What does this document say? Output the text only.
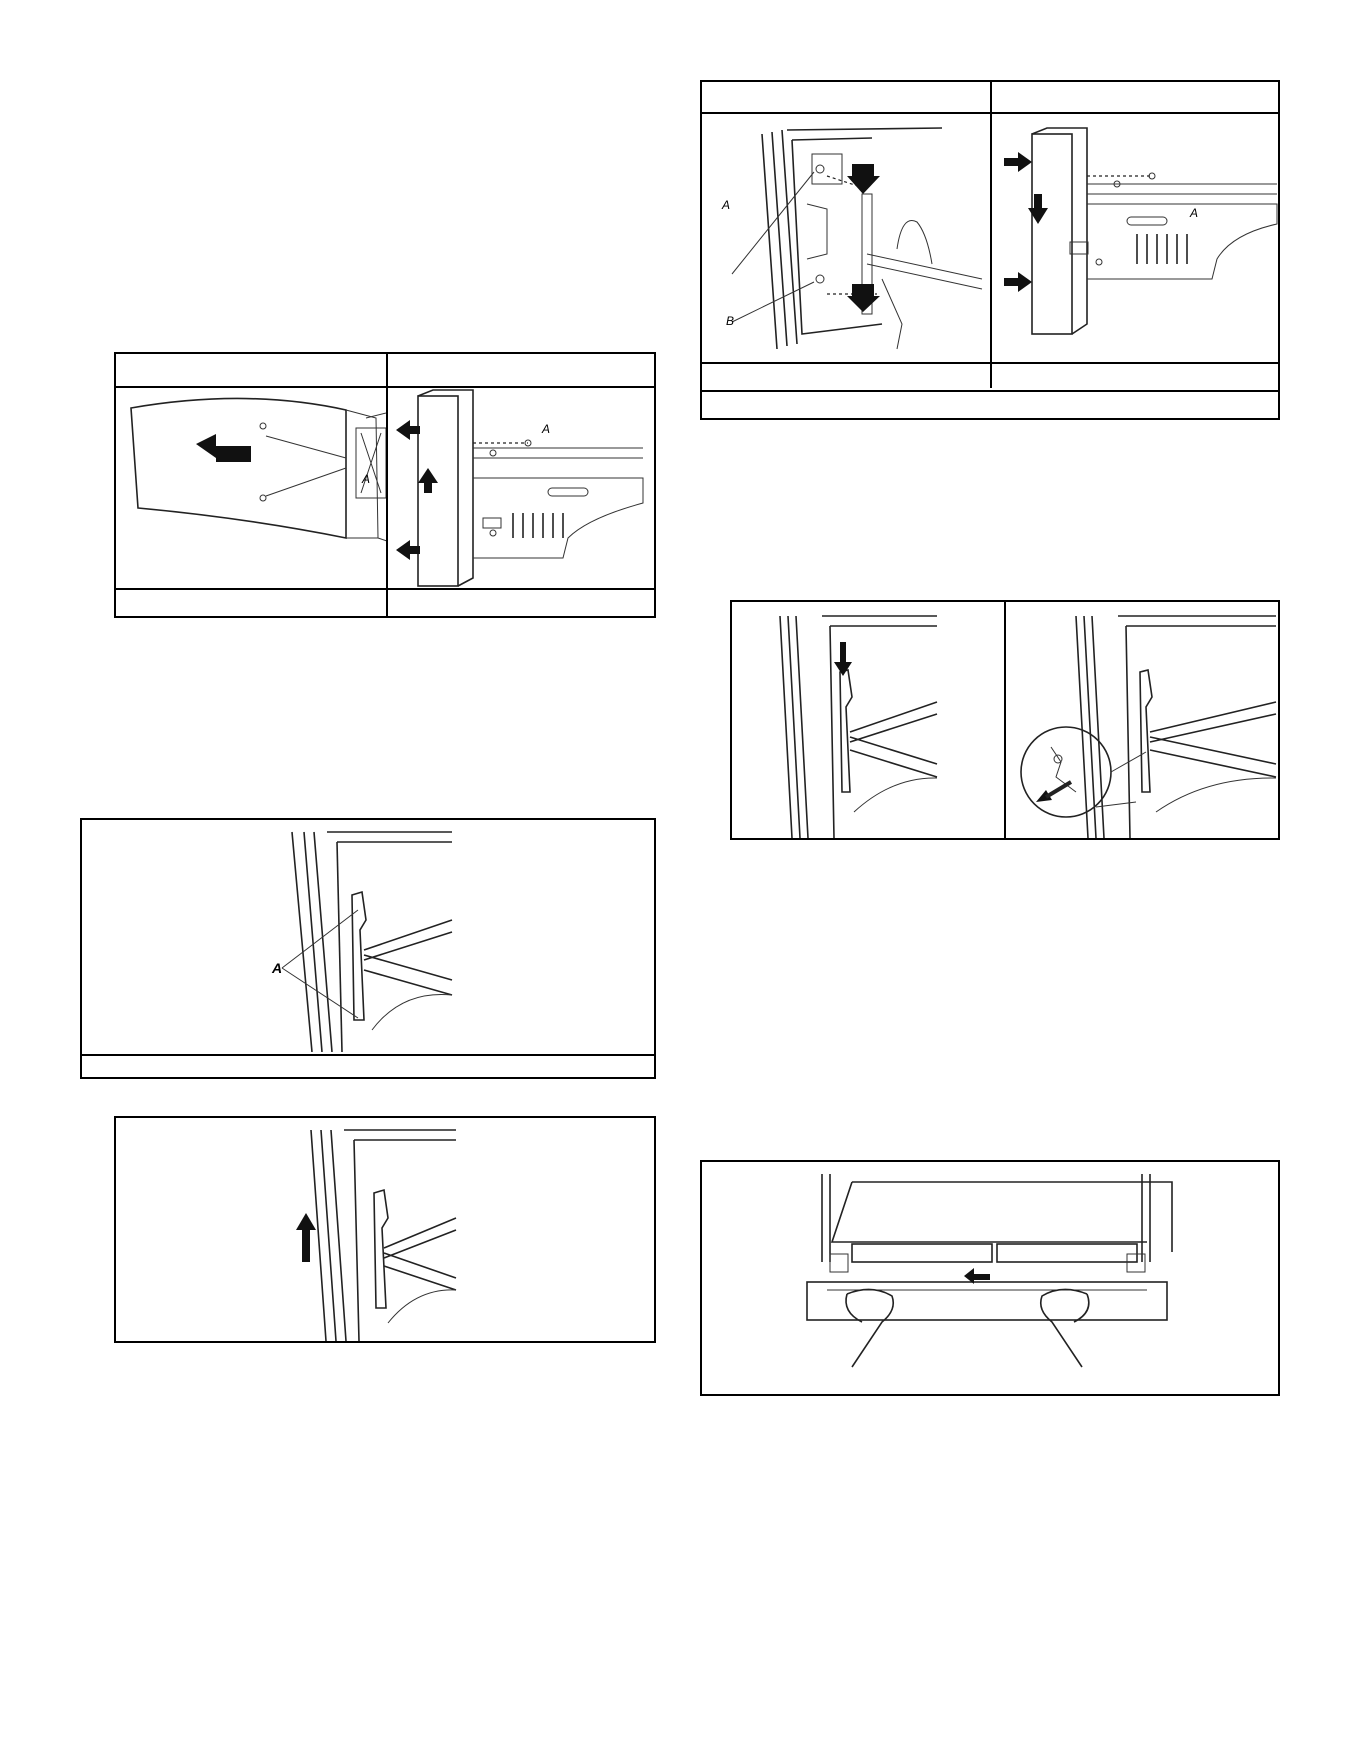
A
A
A
A
B
A
